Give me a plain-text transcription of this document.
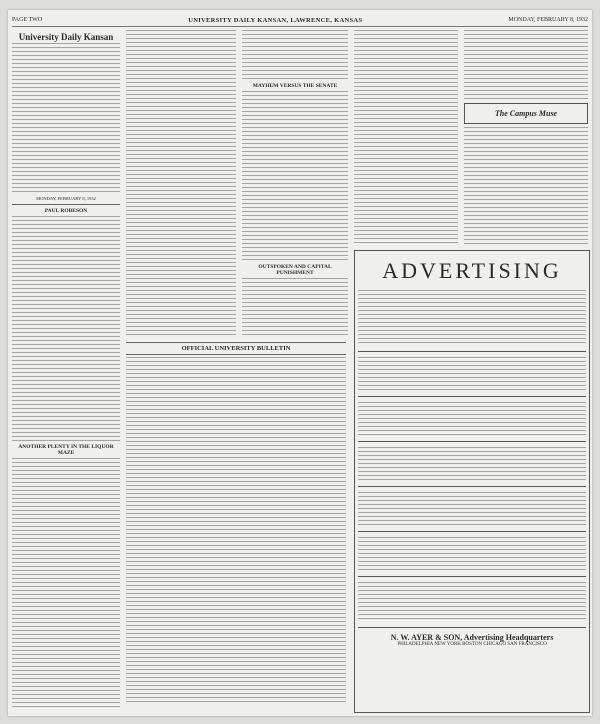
PAGE TWO	UNIVERSITY DAILY KANSAN, LAWRENCE, KANSAS	MONDAY, FEBRUARY 8, 1932
University Daily Kansan
MONDAY, FEBRUARY 8, 1932
PAUL ROBESON
ANOTHER PLENTY IN THE LIQUOR MAZE
MAYHEM VERSUS THE SENATE
OUTSPOKEN AND CAPITAL PUNISHMENT
The Campus Muse
OFFICIAL UNIVERSITY BULLETIN
ADVERTISING
N. W. AYER & SON, Advertising Headquarters
PHILADELPHIA NEW YORK BOSTON CHICAGO SAN FRANCISCO
